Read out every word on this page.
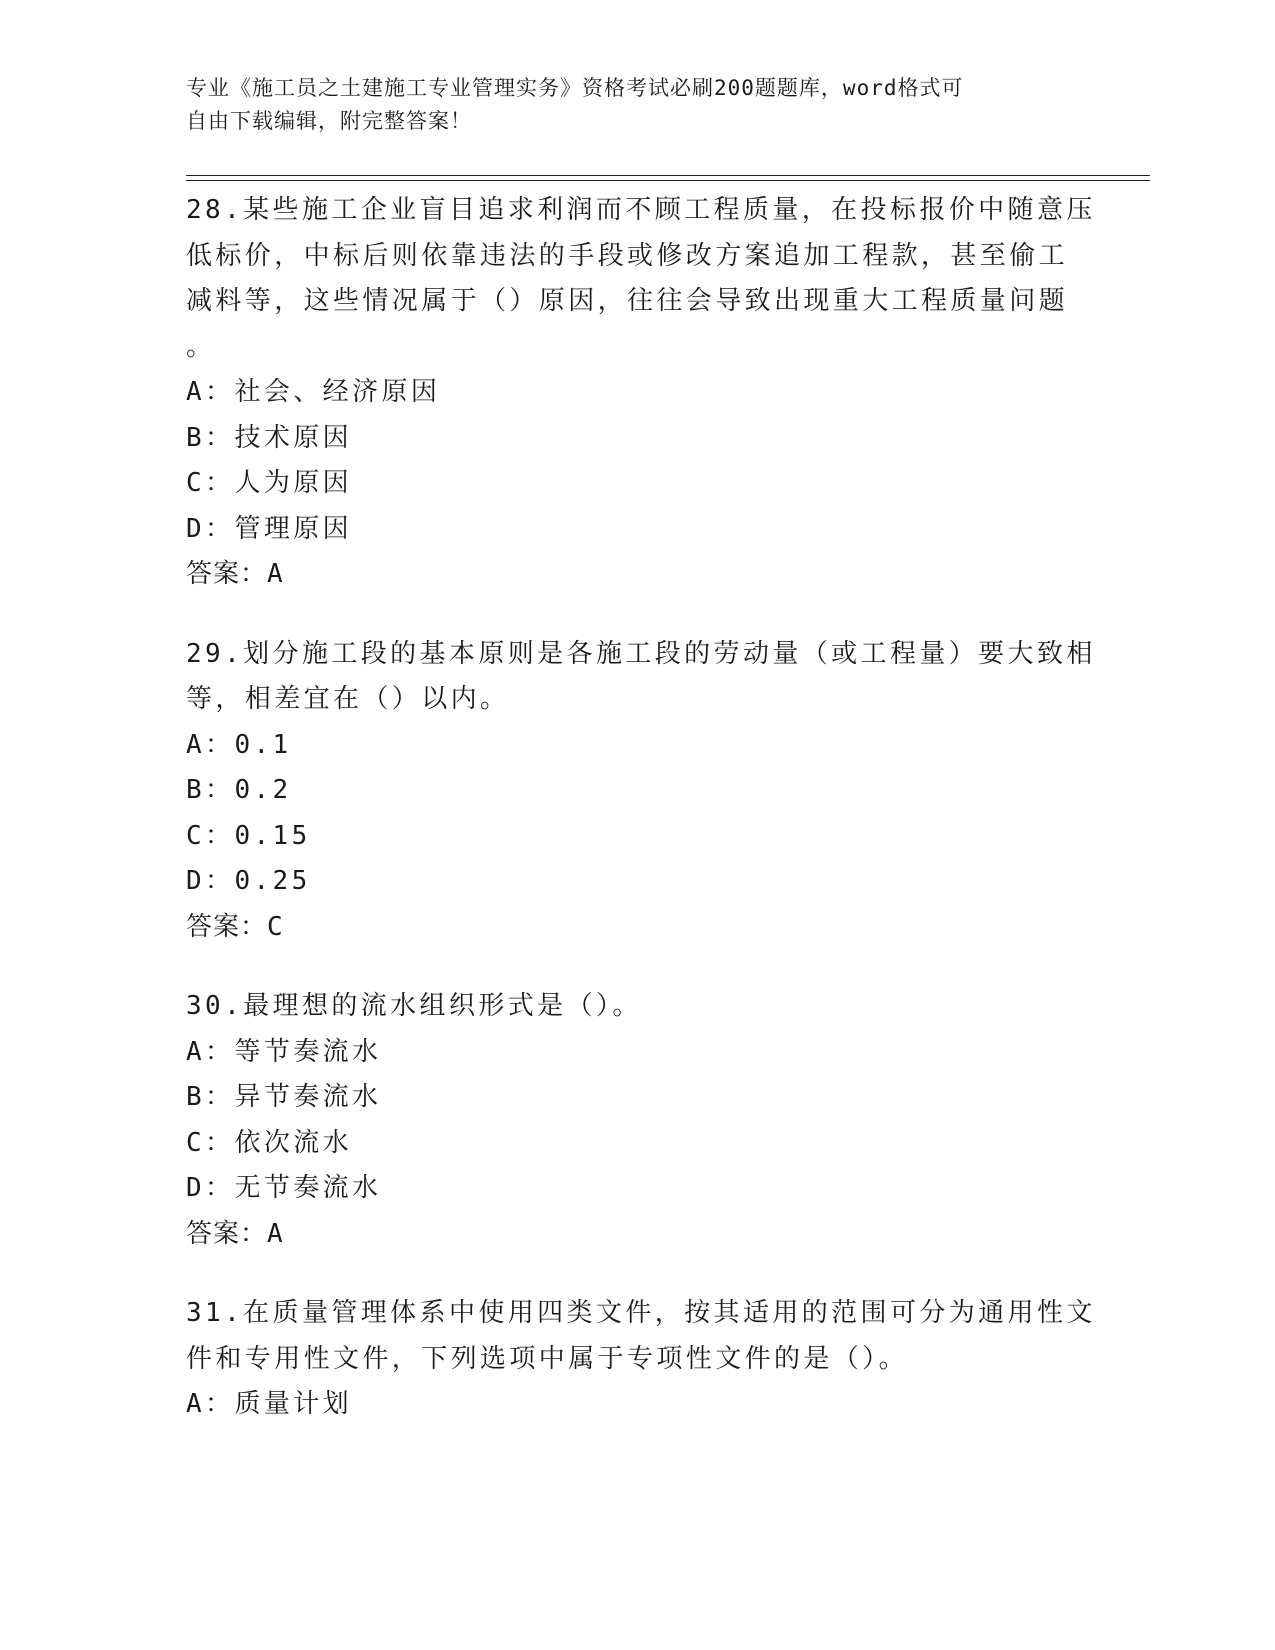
专业《施工员之土建施工专业管理实务》资格考试必刷200题题库，word格式可
自由下载编辑，附完整答案！
28.某些施工企业盲目追求利润而不顾工程质量，在投标报价中随意压
低标价，中标后则依靠违法的手段或修改方案追加工程款，甚至偷工
减料等，这些情况属于（）原因，往往会导致出现重大工程质量问题
。
A：社会、经济原因
B：技术原因
C：人为原因
D：管理原因
答案：A
29.划分施工段的基本原则是各施工段的劳动量（或工程量）要大致相
等，相差宜在（）以内。
A：0.1
B：0.2
C：0.15
D：0.25
答案：C
30.最理想的流水组织形式是（）。
A：等节奏流水
B：异节奏流水
C：依次流水
D：无节奏流水
答案：A
31.在质量管理体系中使用四类文件，按其适用的范围可分为通用性文
件和专用性文件，下列选项中属于专项性文件的是（）。
A：质量计划
